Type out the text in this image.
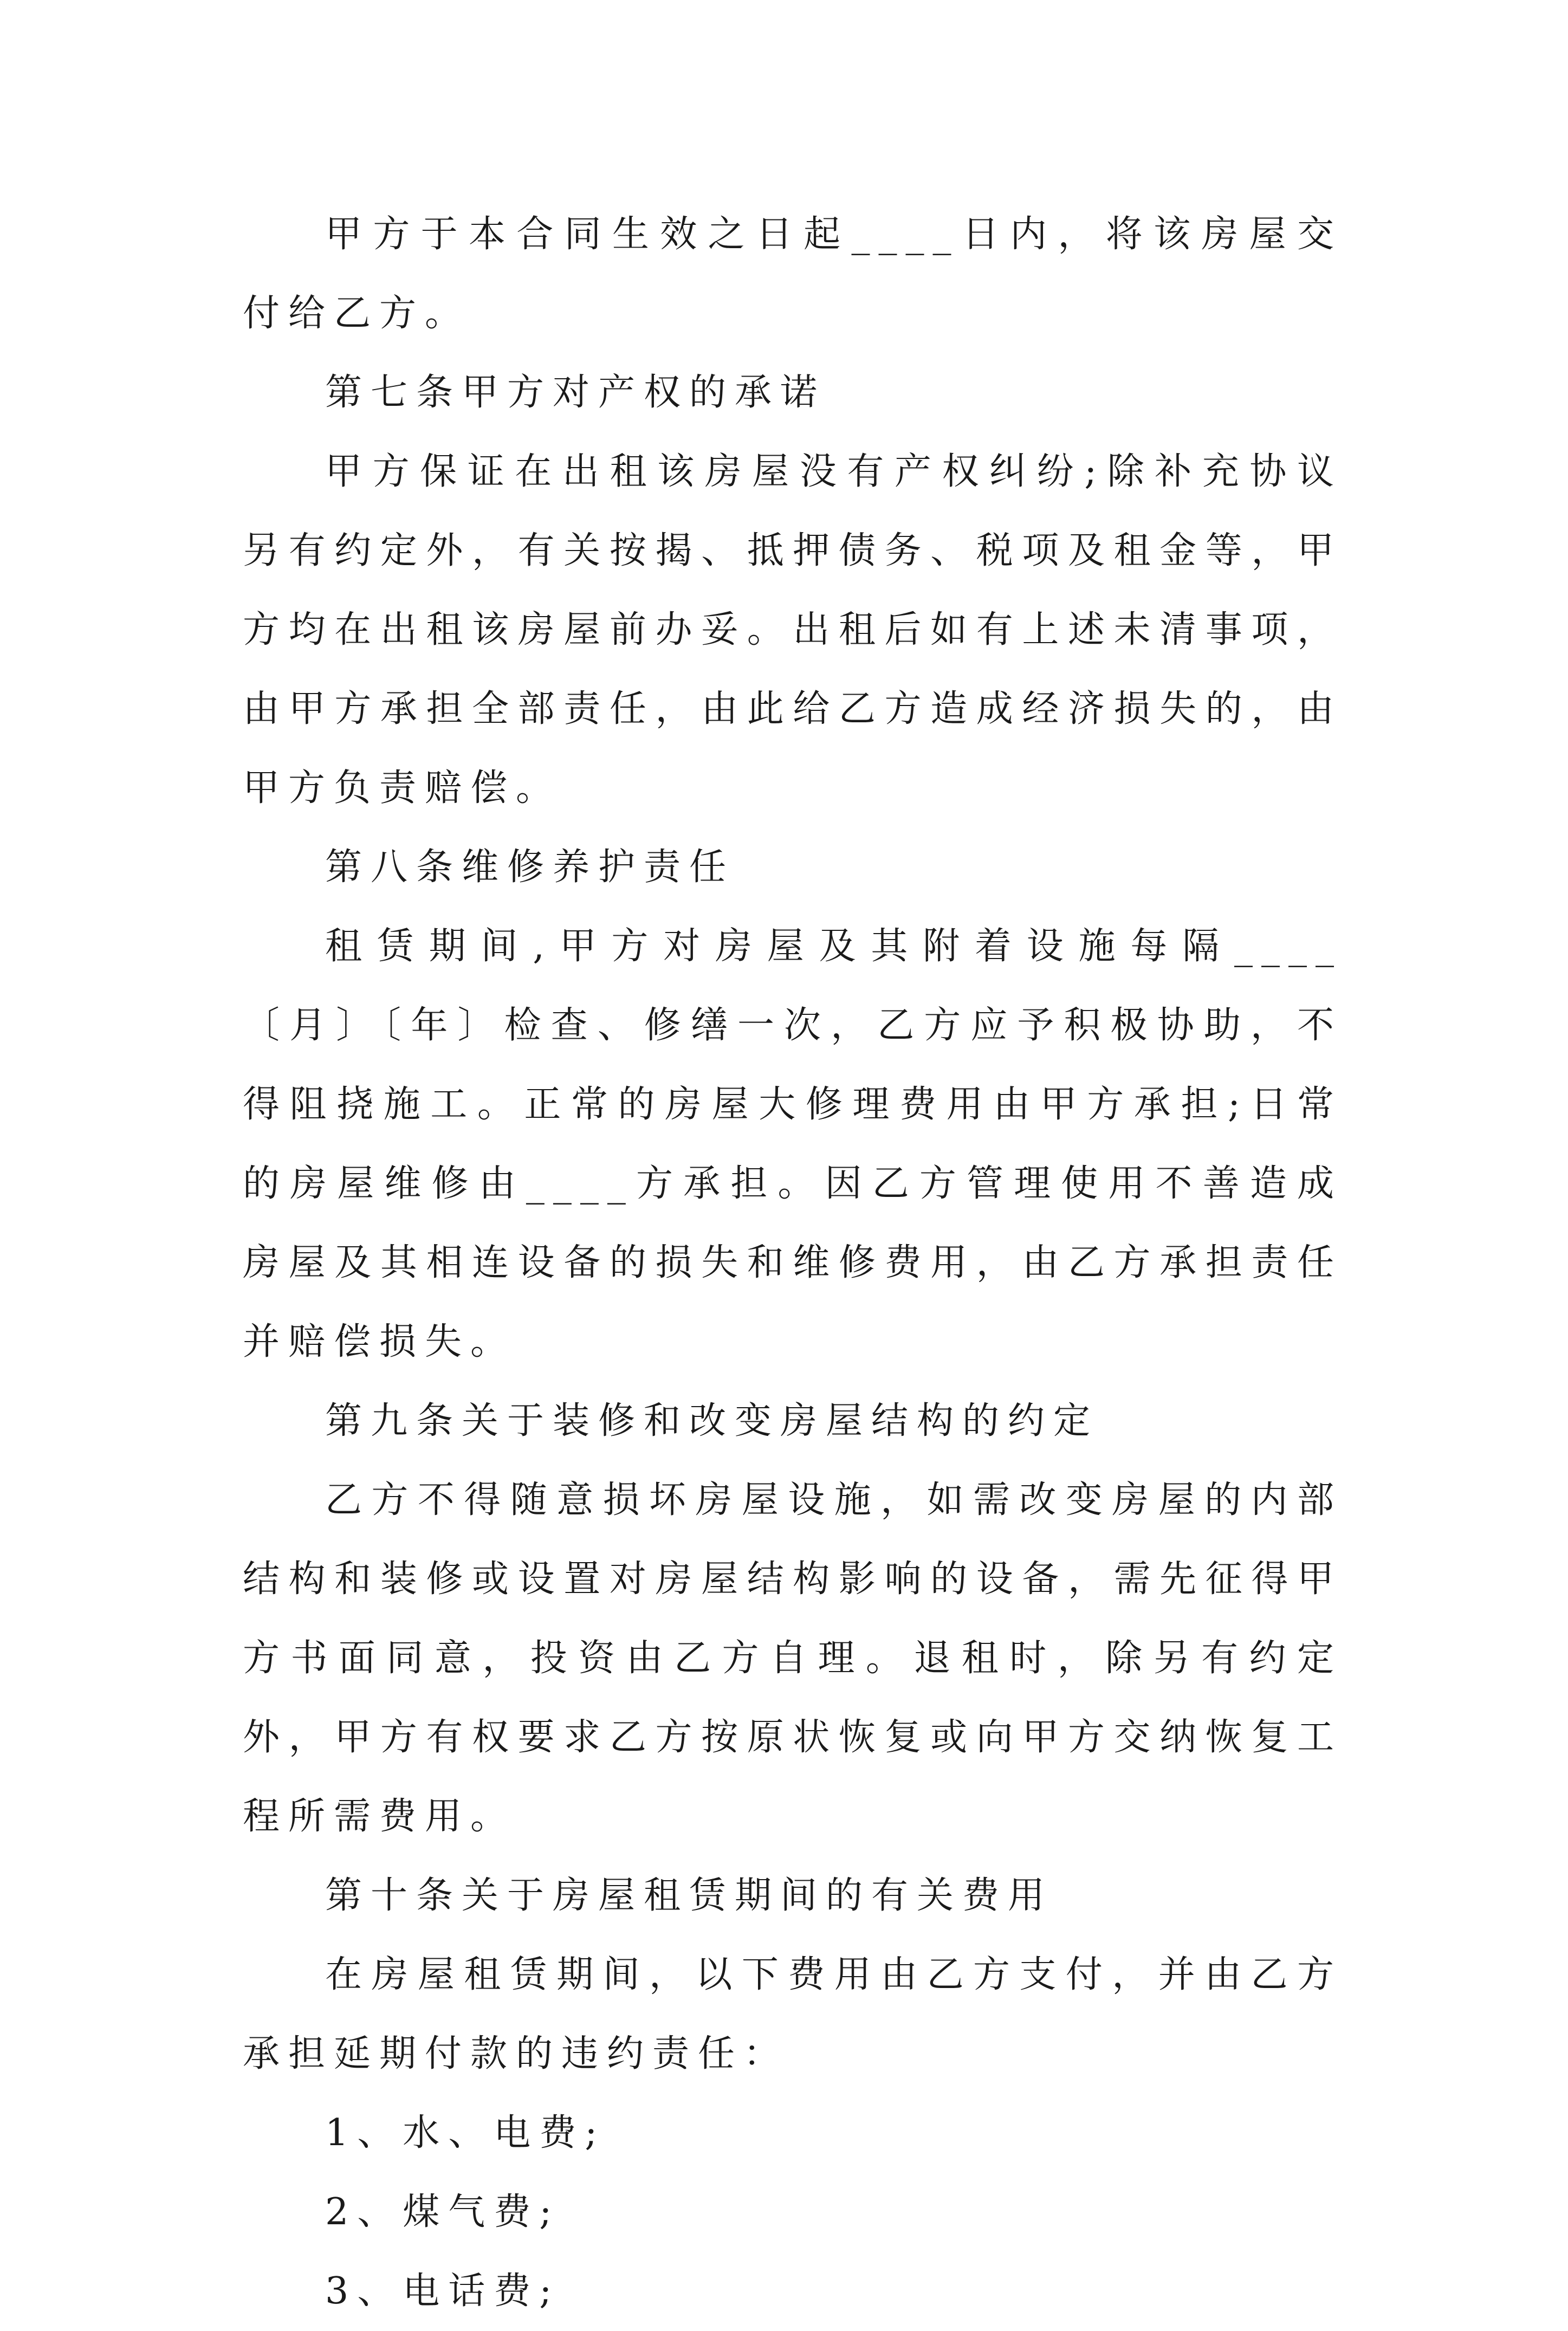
甲方于本合同生效之日起____日内，将该房屋交付给乙方。

第七条甲方对产权的承诺

甲方保证在出租该房屋没有产权纠纷;除补充协议另有约定外，有关按揭、抵押债务、税项及租金等，甲方均在出租该房屋前办妥。出租后如有上述未清事项，由甲方承担全部责任，由此给乙方造成经济损失的，由甲方负责赔偿。

第八条维修养护责任

租赁期间,甲方对房屋及其附着设施每隔____〔月〕〔年〕检查、修缮一次，乙方应予积极协助，不得阻挠施工。正常的房屋大修理费用由甲方承担;日常的房屋维修由____方承担。因乙方管理使用不善造成房屋及其相连设备的损失和维修费用，由乙方承担责任并赔偿损失。

第九条关于装修和改变房屋结构的约定

乙方不得随意损坏房屋设施，如需改变房屋的内部结构和装修或设置对房屋结构影响的设备，需先征得甲方书面同意，投资由乙方自理。退租时，除另有约定外，甲方有权要求乙方按原状恢复或向甲方交纳恢复工程所需费用。

第十条关于房屋租赁期间的有关费用

在房屋租赁期间，以下费用由乙方支付，并由乙方承担延期付款的违约责任：

1、水、电费;

2、煤气费;

3、电话费;
